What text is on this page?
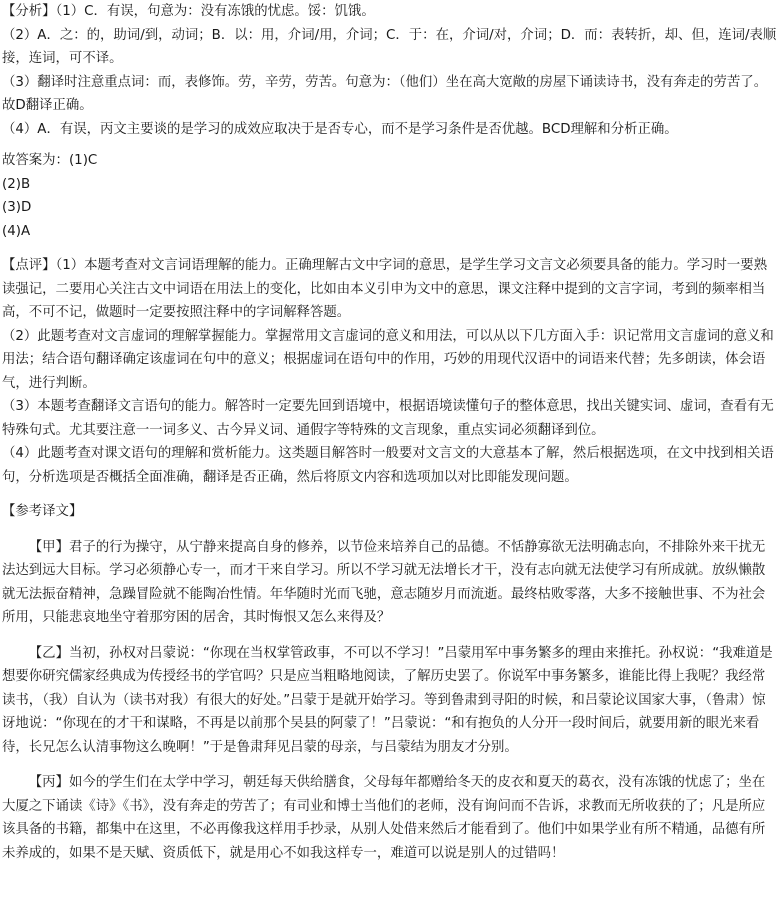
【分析】（1）C．有误，句意为：没有冻饿的忧虑。馁：饥饿。

（2）A．之：的，助词/到，动词；B．以：用，介词/用，介词；C．于：在，介词/对，介词；D．而：表转折，却、但，连词/表顺接，连词，可不译。

（3）翻译时注意重点词：而，表修饰。劳，辛劳，劳苦。句意为：（他们）坐在高大宽敞的房屋下诵读诗书，没有奔走的劳苦了。故D翻译正确。

（4）A．有误，丙文主要谈的是学习的成效应取决于是否专心，而不是学习条件是否优越。BCD理解和分析正确。

故答案为：(1)C

(2)B

(3)D

(4)A

【点评】（1）本题考查对文言词语理解的能力。正确理解古文中字词的意思，是学生学习文言文必须要具备的能力。学习时一要熟读强记，二要用心关注古文中词语在用法上的变化，比如由本义引申为文中的意思，课文注释中提到的文言字词，考到的频率相当高，不可不记，做题时一定要按照注释中的字词解释答题。

（2）此题考查对文言虚词的理解掌握能力。掌握常用文言虚词的意义和用法，可以从以下几方面入手：识记常用文言虚词的意义和用法；结合语句翻译确定该虚词在句中的意义；根据虚词在语句中的作用，巧妙的用现代汉语中的词语来代替；先多朗读，体会语气，进行判断。

（3）本题考查翻译文言语句的能力。解答时一定要先回到语境中，根据语境读懂句子的整体意思，找出关键实词、虚词，查看有无特殊句式。尤其要注意一一词多义、古今异义词、通假字等特殊的文言现象，重点实词必须翻译到位。

（4）此题考查对课文语句的理解和赏析能力。这类题目解答时一般要对文言文的大意基本了解，然后根据选项，在文中找到相关语句，分析选项是否概括全面准确，翻译是否正确，然后将原文内容和选项加以对比即能发现问题。

【参考译文】

【甲】君子的行为操守，从宁静来提高自身的修养，以节俭来培养自己的品德。不恬静寡欲无法明确志向，不排除外来干扰无法达到远大目标。学习必须静心专一，而才干来自学习。所以不学习就无法增长才干，没有志向就无法使学习有所成就。放纵懒散就无法振奋精神，急躁冒险就不能陶冶性情。年华随时光而飞驰，意志随岁月而流逝。最终枯败零落，大多不接触世事、不为社会所用，只能悲哀地坐守着那穷困的居舍，其时悔恨又怎么来得及？

【乙】当初，孙权对吕蒙说：“你现在当权掌管政事，不可以不学习！”吕蒙用军中事务繁多的理由来推托。孙权说：“我难道是想要你研究儒家经典成为传授经书的学官吗？只是应当粗略地阅读，了解历史罢了。你说军中事务繁多，谁能比得上我呢？我经常读书，（我）自认为（读书对我）有很大的好处。”吕蒙于是就开始学习。等到鲁肃到寻阳的时候，和吕蒙论议国家大事，（鲁肃）惊讶地说：“你现在的才干和谋略，不再是以前那个吴县的阿蒙了！”吕蒙说：“和有抱负的人分开一段时间后，就要用新的眼光来看待，长兄怎么认清事物这么晚啊！”于是鲁肃拜见吕蒙的母亲，与吕蒙结为朋友才分别。

【丙】如今的学生们在太学中学习，朝廷每天供给膳食，父母每年都赠给冬天的皮衣和夏天的葛衣，没有冻饿的忧虑了；坐在大厦之下诵读《诗》《书》，没有奔走的劳苦了；有司业和博士当他们的老师，没有询问而不告诉，求教而无所收获的了；凡是所应该具备的书籍，都集中在这里，不必再像我这样用手抄录，从别人处借来然后才能看到了。他们中如果学业有所不精通，品德有所未养成的，如果不是天赋、资质低下，就是用心不如我这样专一，难道可以说是别人的过错吗！
